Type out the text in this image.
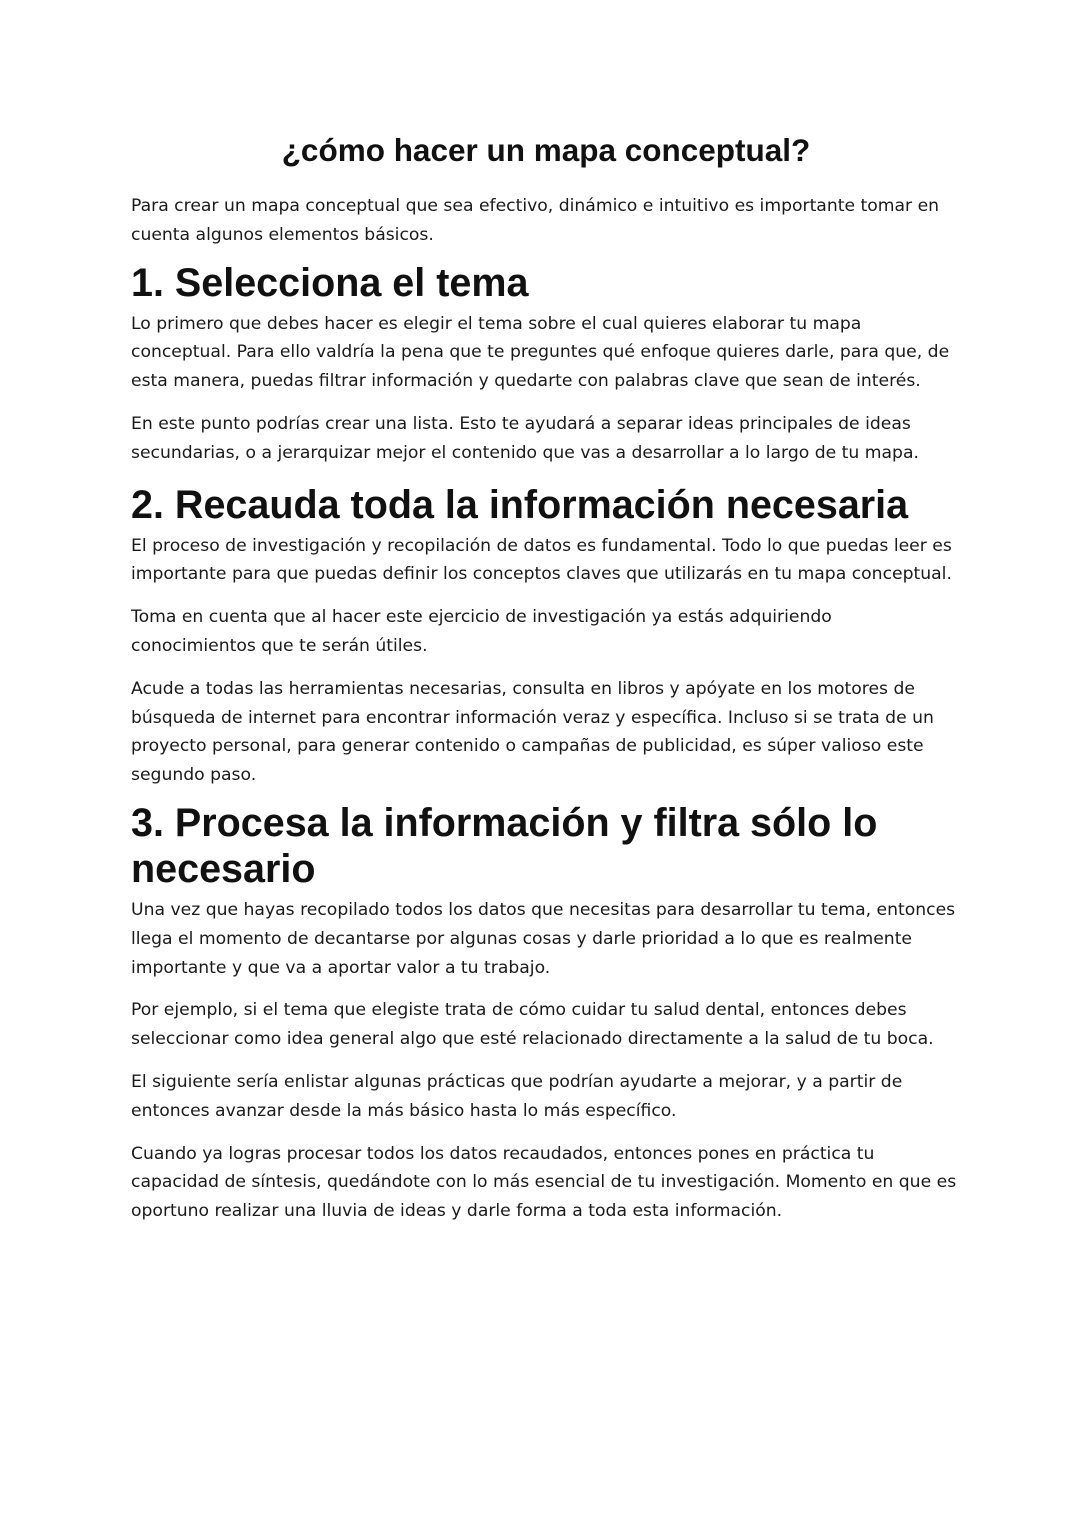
¿cómo hacer un mapa conceptual?

Para crear un mapa conceptual que sea efectivo, dinámico e intuitivo es importante tomar en cuenta algunos elementos básicos.

1. Selecciona el tema

Lo primero que debes hacer es elegir el tema sobre el cual quieres elaborar tu mapa conceptual. Para ello valdría la pena que te preguntes qué enfoque quieres darle, para que, de esta manera, puedas filtrar información y quedarte con palabras clave que sean de interés.

En este punto podrías crear una lista. Esto te ayudará a separar ideas principales de ideas secundarias, o a jerarquizar mejor el contenido que vas a desarrollar a lo largo de tu mapa.

2. Recauda toda la información necesaria

El proceso de investigación y recopilación de datos es fundamental. Todo lo que puedas leer es importante para que puedas definir los conceptos claves que utilizarás en tu mapa conceptual.

Toma en cuenta que al hacer este ejercicio de investigación ya estás adquiriendo conocimientos que te serán útiles.

Acude a todas las herramientas necesarias, consulta en libros y apóyate en los motores de búsqueda de internet para encontrar información veraz y específica. Incluso si se trata de un proyecto personal, para generar contenido o campañas de publicidad, es súper valioso este segundo paso.

3. Procesa la información y filtra sólo lo necesario

Una vez que hayas recopilado todos los datos que necesitas para desarrollar tu tema, entonces llega el momento de decantarse por algunas cosas y darle prioridad a lo que es realmente importante y que va a aportar valor a tu trabajo.

Por ejemplo, si el tema que elegiste trata de cómo cuidar tu salud dental, entonces debes seleccionar como idea general algo que esté relacionado directamente a la salud de tu boca.

El siguiente sería enlistar algunas prácticas que podrían ayudarte a mejorar, y a partir de entonces avanzar desde la más básico hasta lo más específico.

Cuando ya logras procesar todos los datos recaudados, entonces pones en práctica tu capacidad de síntesis, quedándote con lo más esencial de tu investigación. Momento en que es oportuno realizar una lluvia de ideas y darle forma a toda esta información.
